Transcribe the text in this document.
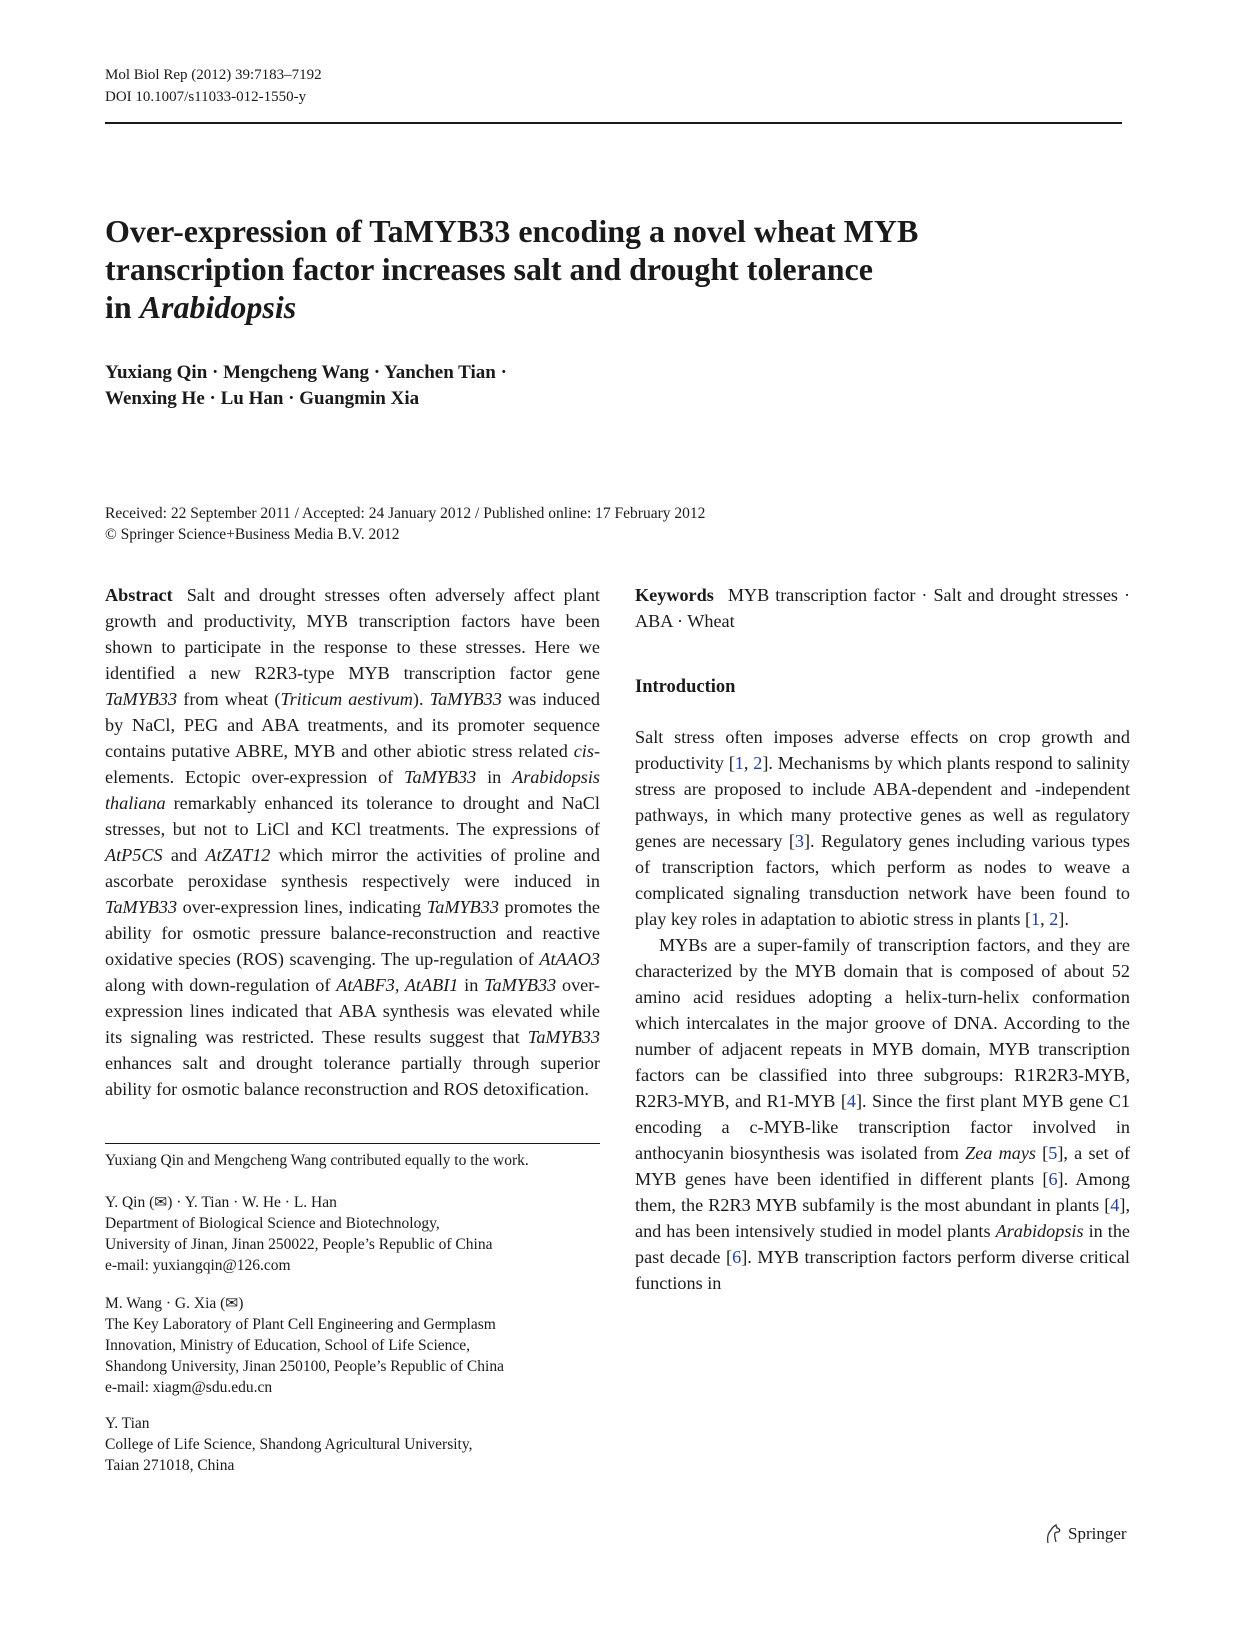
Mol Biol Rep (2012) 39:7183–7192
DOI 10.1007/s11033-012-1550-y
Over-expression of TaMYB33 encoding a novel wheat MYB
transcription factor increases salt and drought tolerance
in Arabidopsis
Yuxiang Qin · Mengcheng Wang · Yanchen Tian ·
Wenxing He · Lu Han · Guangmin Xia
Received: 22 September 2011 / Accepted: 24 January 2012 / Published online: 17 February 2012
© Springer Science+Business Media B.V. 2012

Abstract Salt and drought stresses often adversely affect plant growth and productivity, MYB transcription factors have been shown to participate in the response to these stresses. Here we identified a new R2R3-type MYB transcription factor gene TaMYB33 from wheat (Triticum aestivum). TaMYB33 was induced by NaCl, PEG and ABA treatments, and its promoter sequence contains putative ABRE, MYB and other abiotic stress related cis-elements. Ectopic over-expression of TaMYB33 in Arabidopsis thaliana remarkably enhanced its tolerance to drought and NaCl stresses, but not to LiCl and KCl treatments. The expressions of AtP5CS and AtZAT12 which mirror the activities of proline and ascorbate peroxidase synthesis respectively were induced in TaMYB33 over-expression lines, indicating TaMYB33 promotes the ability for osmotic pressure balance-reconstruction and reactive oxidative species (ROS) scavenging. The up-regulation of AtAAO3 along with down-regulation of AtABF3, AtABI1 in TaMYB33 over-expression lines indicated that ABA synthesis was elevated while its signaling was restricted. These results suggest that TaMYB33 enhances salt and drought tolerance partially through superior ability for osmotic balance reconstruction and ROS detoxification.

Yuxiang Qin and Mengcheng Wang contributed equally to the work.
Y. Qin (✉) · Y. Tian · W. He · L. Han
Department of Biological Science and Biotechnology,
University of Jinan, Jinan 250022, People’s Republic of China
e-mail: yuxiangqin@126.com
M. Wang · G. Xia (✉)
The Key Laboratory of Plant Cell Engineering and Germplasm
Innovation, Ministry of Education, School of Life Science,
Shandong University, Jinan 250100, People’s Republic of China
e-mail: xiagm@sdu.edu.cn
Y. Tian
College of Life Science, Shandong Agricultural University,
Taian 271018, China

Keywords MYB transcription factor · Salt and drought stresses · ABA · Wheat

Introduction

Salt stress often imposes adverse effects on crop growth and productivity [1, 2]. Mechanisms by which plants respond to salinity stress are proposed to include ABA-dependent and -independent pathways, in which many protective genes as well as regulatory genes are necessary [3]. Regulatory genes including various types of transcription factors, which perform as nodes to weave a complicated signaling transduction network have been found to play key roles in adaptation to abiotic stress in plants [1, 2].

MYBs are a super-family of transcription factors, and they are characterized by the MYB domain that is composed of about 52 amino acid residues adopting a helix-turn-helix conformation which intercalates in the major groove of DNA. According to the number of adjacent repeats in MYB domain, MYB transcription factors can be classified into three subgroups: R1R2R3-MYB, R2R3-MYB, and R1-MYB [4]. Since the first plant MYB gene C1 encoding a c-MYB-like transcription factor involved in anthocyanin biosynthesis was isolated from Zea mays [5], a set of MYB genes have been identified in different plants [6]. Among them, the R2R3 MYB subfamily is the most abundant in plants [4], and has been intensively studied in model plants Arabidopsis in the past decade [6]. MYB transcription factors perform diverse critical functions in

Springer
